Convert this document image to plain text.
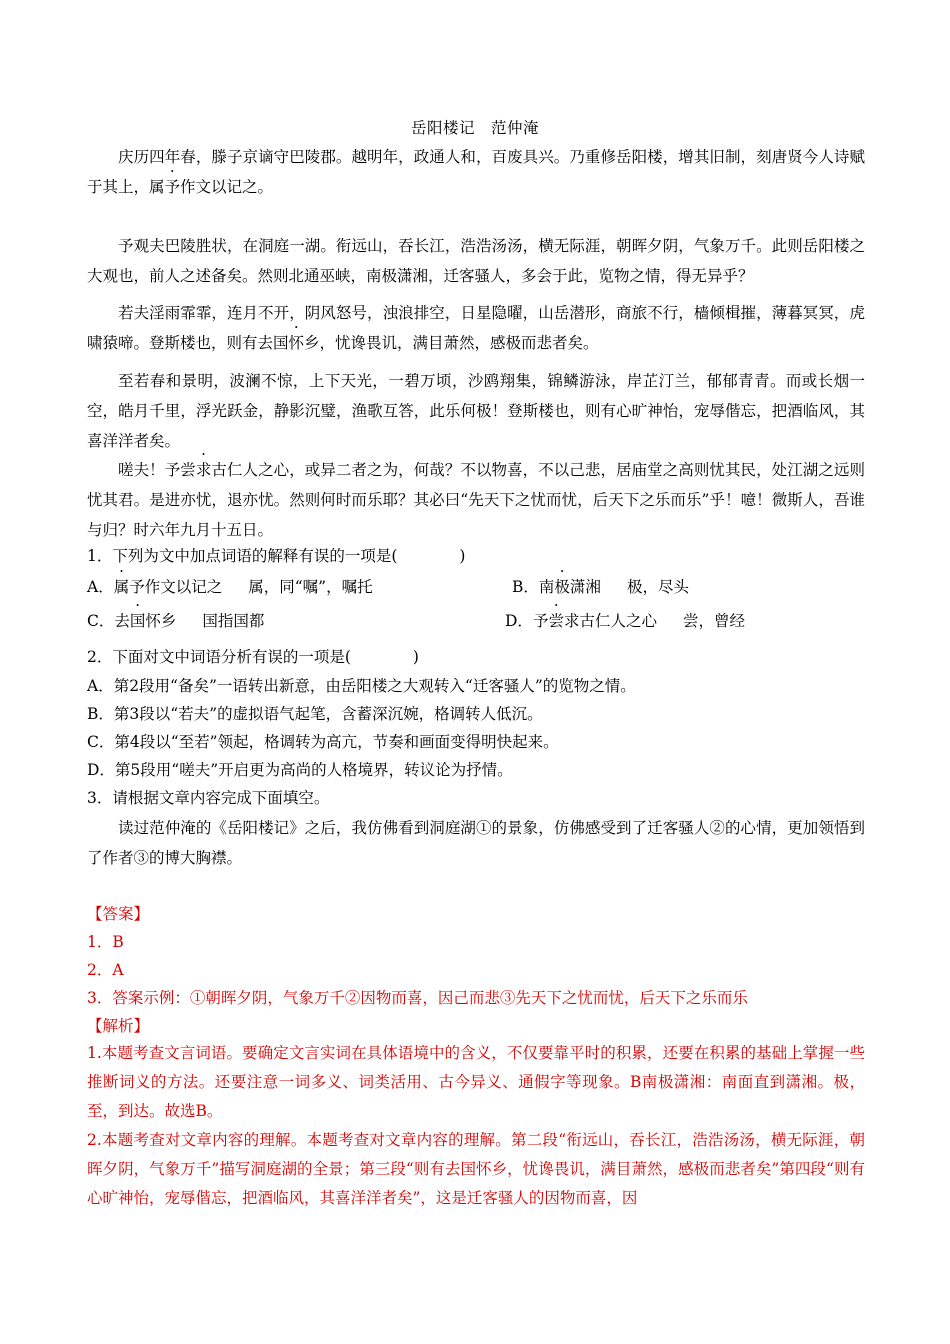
岳阳楼记 范仲淹
庆历四年春，滕子京谪守巴陵郡。越明年，政通人和，百废具兴。乃重修岳阳楼，增其旧制，刻唐贤今人诗赋于其上，属予作文以记之。
予观夫巴陵胜状，在洞庭一湖。衔远山，吞长江，浩浩汤汤，横无际涯，朝晖夕阴，气象万千。此则岳阳楼之大观也，前人之述备矣。然则北通巫峡，南极潇湘，迁客骚人，多会于此，览物之情，得无异乎？
若夫淫雨霏霏，连月不开，阴风怒号，浊浪排空，日星隐曜，山岳潜形，商旅不行，樯倾楫摧，薄暮冥冥，虎啸猿啼。登斯楼也，则有去国怀乡，忧谗畏讥，满目萧然，感极而悲者矣。
至若春和景明，波澜不惊，上下天光，一碧万顷，沙鸥翔集，锦鳞游泳，岸芷汀兰，郁郁青青。而或长烟一空，皓月千里，浮光跃金，静影沉璧，渔歌互答，此乐何极！登斯楼也，则有心旷神怡，宠辱偕忘，把酒临风，其喜洋洋者矣。
嗟夫！予尝求古仁人之心，或异二者之为，何哉？不以物喜，不以己悲，居庙堂之高则忧其民，处江湖之远则忧其君。是进亦忧，退亦忧。然则何时而乐耶？其必曰“先天下之忧而忧，后天下之乐而乐”乎！噫！微斯人，吾谁与归？时六年九月十五日。
1．下列为文中加点词语的解释有误的一项是(　　　　)
A．属予作文以记之 属，同“嘱”，嘱托	B．南极潇湘 极，尽头
C．去国怀乡 国指国都	D．予尝求古仁人之心 尝，曾经
2．下面对文中词语分析有误的一项是(　　　　)
A．第2段用“备矣”一语转出新意，由岳阳楼之大观转入“迁客骚人”的览物之情。
B．第3段以“若夫”的虚拟语气起笔，含蓄深沉婉，格调转人低沉。
C．第4段以“至若”领起，格调转为高亢，节奏和画面变得明快起来。
D．第5段用“嗟夫”开启更为高尚的人格境界，转议论为抒情。
3．请根据文章内容完成下面填空。
读过范仲淹的《岳阳楼记》之后，我仿佛看到洞庭湖①的景象，仿佛感受到了迁客骚人②的心情，更加领悟到了作者③的博大胸襟。
【答案】
1．B
2．A
3．答案示例：①朝晖夕阴，气象万千②因物而喜，因己而悲③先天下之忧而忧，后天下之乐而乐
【解析】
1.本题考查文言词语。要确定文言实词在具体语境中的含义，不仅要靠平时的积累，还要在积累的基础上掌握一些推断词义的方法。还要注意一词多义、词类活用、古今异义、通假字等现象。B南极潇湘：南面直到潇湘。极，至，到达。故选B。
2.本题考查对文章内容的理解。本题考查对文章内容的理解。第二段“衔远山，吞长江，浩浩汤汤，横无际涯，朝晖夕阴，气象万千”描写洞庭湖的全景；第三段“则有去国怀乡，忧谗畏讥，满目萧然，感极而悲者矣”第四段“则有心旷神怡，宠辱偕忘，把酒临风，其喜洋洋者矣”，这是迁客骚人的因物而喜，因
